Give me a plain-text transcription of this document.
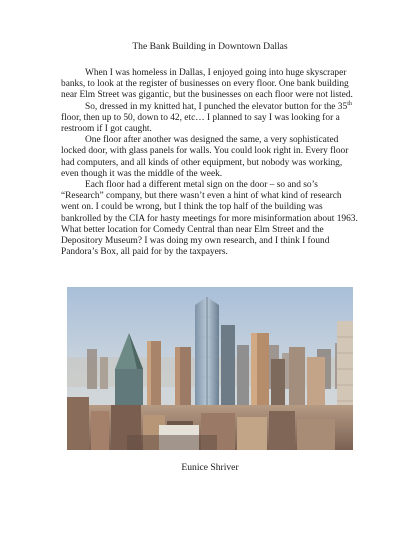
The Bank Building in Downtown Dallas

When I was homeless in Dallas, I enjoyed going into huge skyscraper banks, to look at the register of businesses on every floor. One bank building near Elm Street was gigantic, but the businesses on each floor were not listed.

So, dressed in my knitted hat, I punched the elevator button for the 35th floor, then up to 50, down to 42, etc… I planned to say I was looking for a restroom if I got caught.

One floor after another was designed the same, a very sophisticated locked door, with glass panels for walls. You could look right in. Every floor had computers, and all kinds of other equipment, but nobody was working, even though it was the middle of the week.

Each floor had a different metal sign on the door – so and so’s “Research” company, but there wasn’t even a hint of what kind of research went on. I could be wrong, but I think the top half of the building was bankrolled by the CIA for hasty meetings for more misinformation about 1963. What better location for Comedy Central than near Elm Street and the Depository Museum? I was doing my own research, and I think I found Pandora’s Box, all paid for by the taxpayers.

Eunice Shriver
